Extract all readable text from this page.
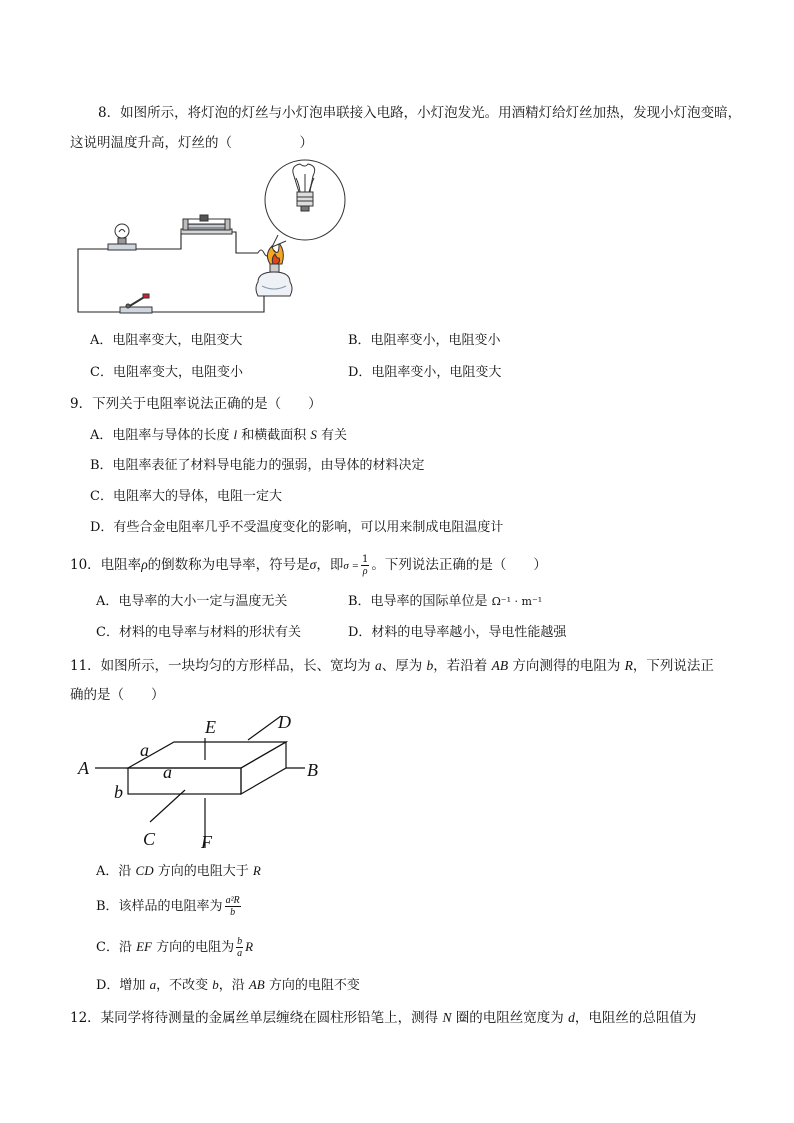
8．如图所示，将灯泡的灯丝与小灯泡串联接入电路，小灯泡发光。用酒精灯给灯丝加热，发现小灯泡变暗，
这说明温度升高，灯丝的（　　　　　）
A．电阻率变大，电阻变大	B．电阻率变小，电阻变小
C．电阻率变大，电阻变小	D．电阻率变小，电阻变大
9．下列关于电阻率说法正确的是（　　）
A．电阻率与导体的长度 l 和横截面积 S 有关
B．电阻率表征了材料导电能力的强弱，由导体的材料决定
C．电阻率大的导体，电阻一定大
D．有些合金电阻率几乎不受温度变化的影响，可以用来制成电阻温度计
10．电阻率ρ的倒数称为电导率，符号是σ，即$\sigma = \frac{1}{\rho}$ 。下列说法正确的是（　　）
A．电导率的大小一定与温度无关	B．电导率的国际单位是 Ω⁻¹ · m⁻¹
C．材料的电导率与材料的形状有关	D．材料的电导率越小，导电性能越强
11．如图所示，一块均匀的方形样品，长、宽均为 a、厚为 b，若沿着 AB 方向测得的电阻为 R，下列说法正
确的是（　　）
A	B
C
D
E
F
a
a
b
A．沿 CD 方向的电阻大于 R
B．该样品的电阻率为 $\frac{\text{a²R}}{b}$
C．沿 EF 方向的电阻为 $\frac{b}{a}$ R
D．增加 a，不改变 b，沿 AB 方向的电阻不变
12．某同学将待测量的金属丝单层缠绕在圆柱形铅笔上，测得 N 圈的电阻丝宽度为 d，电阻丝的总阻值为
